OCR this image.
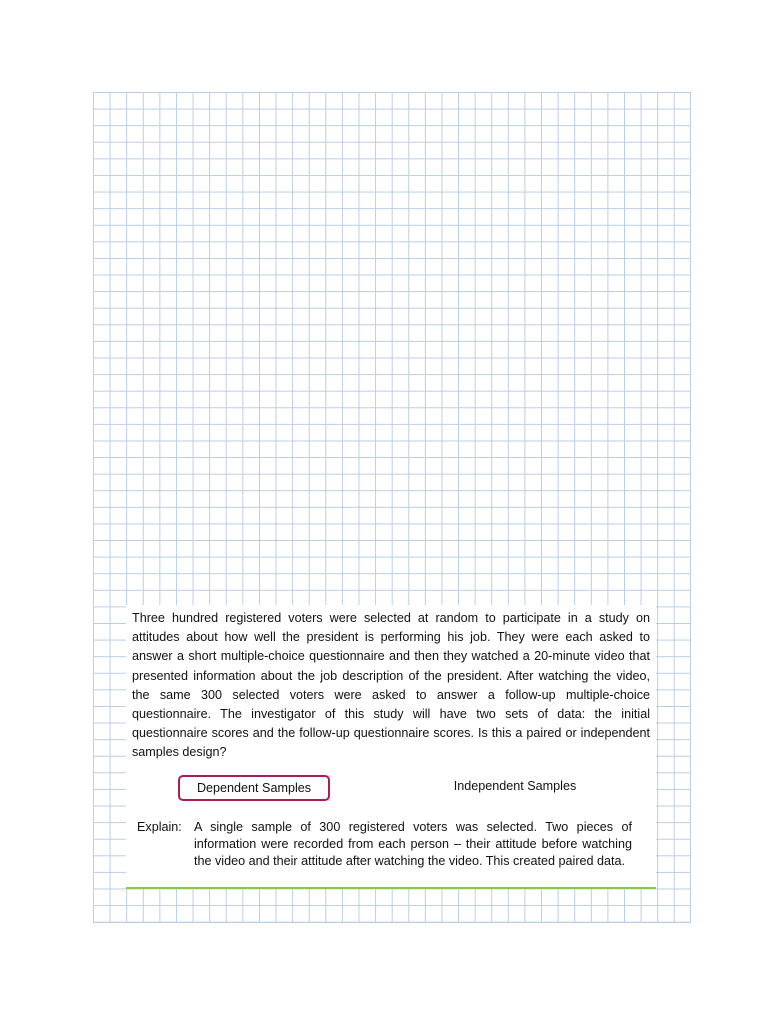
Three hundred registered voters were selected at random to participate in a study on attitudes about how well the president is performing his job. They were each asked to answer a short multiple-choice questionnaire and then they watched a 20-minute video that presented information about the job description of the president. After watching the video, the same 300 selected voters were asked to answer a follow-up multiple-choice questionnaire. The investigator of this study will have two sets of data: the initial questionnaire scores and the follow-up questionnaire scores. Is this a paired or independent samples design?

Dependent Samples	Independent Samples
Explain: A single sample of 300 registered voters was selected. Two pieces of information were recorded from each person – their attitude before watching the video and their attitude after watching the video. This created paired data.
